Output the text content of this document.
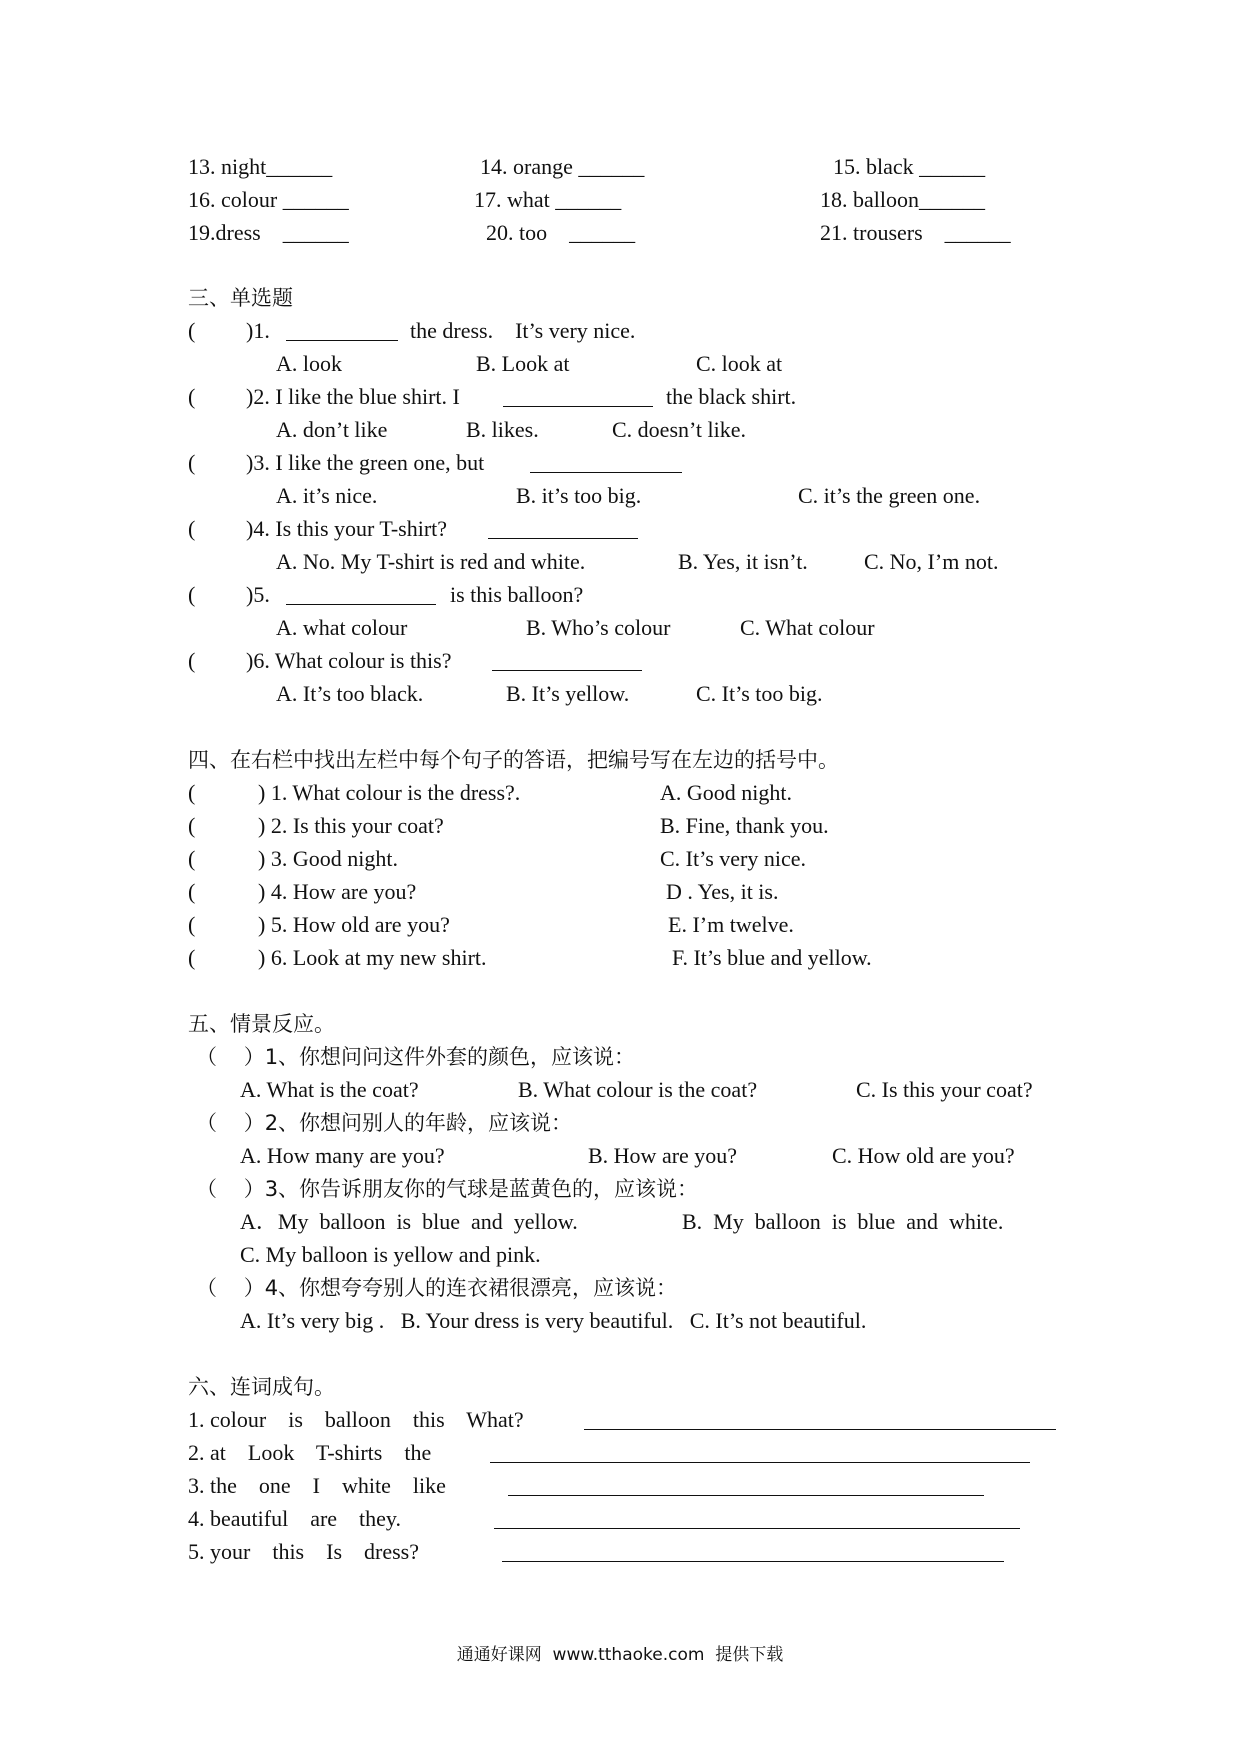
13. night______	14. orange ______	15. black ______
16. colour ______	17. what ______	18. balloon______
19.dress    ______	20. too    ______	21. trousers    ______
三、单选题
( )1.	the dress.    It’s very nice.
A. look	B. Look at	C. look at
( )2. I like the blue shirt. I	the black shirt.
A. don’t like	B. likes.	C. doesn’t like.
( )3. I like the green one, but
A. it’s nice.	B. it’s too big.	C. it’s the green one.
( )4. Is this your T-shirt?
A. No. My T-shirt is red and white.	B. Yes, it isn’t.	C. No, I’m not.
( )5.	is this balloon?
A. what colour	B. Who’s colour	C. What colour
( )6. What colour is this?
A. It’s too black.	B. It’s yellow.	C. It’s too big.
四、在右栏中找出左栏中每个句子的答语，把编号写在左边的括号中。
(	) 1. What colour is the dress?.	A. Good night.
(	) 2. Is this your coat?	B. Fine, thank you.
(	) 3. Good night.	C. It’s very nice.
(	) 4. How are you?	D . Yes, it is.
(	) 5. How old are you?	E. I’m twelve.
(	) 6. Look at my new shirt.	F. It’s blue and yellow.
五、情景反应。
（    ）1、你想问问这件外套的颜色，应该说：
A. What is the coat?	B. What colour is the coat?	C. Is this your coat?
（    ）2、你想问别人的年龄，应该说：
A. How many are you?	B. How are you?	C. How old are you?
（    ）3、你告诉朋友你的气球是蓝黄色的，应该说：
A．My  balloon  is  blue  and  yellow.	B.  My  balloon  is  blue  and  white.
C. My balloon is yellow and pink.
（    ）4、你想夸夸别人的连衣裙很漂亮，应该说：
A. It’s very big .   B. Your dress is very beautiful.   C. It’s not beautiful.
六、连词成句。
1. colour    is    balloon    this    What?
2. at    Look    T-shirts    the
3. the    one    I    white    like
4. beautiful    are    they.
5. your    this    Is    dress?
通通好课网  www.tthaoke.com  提供下载
